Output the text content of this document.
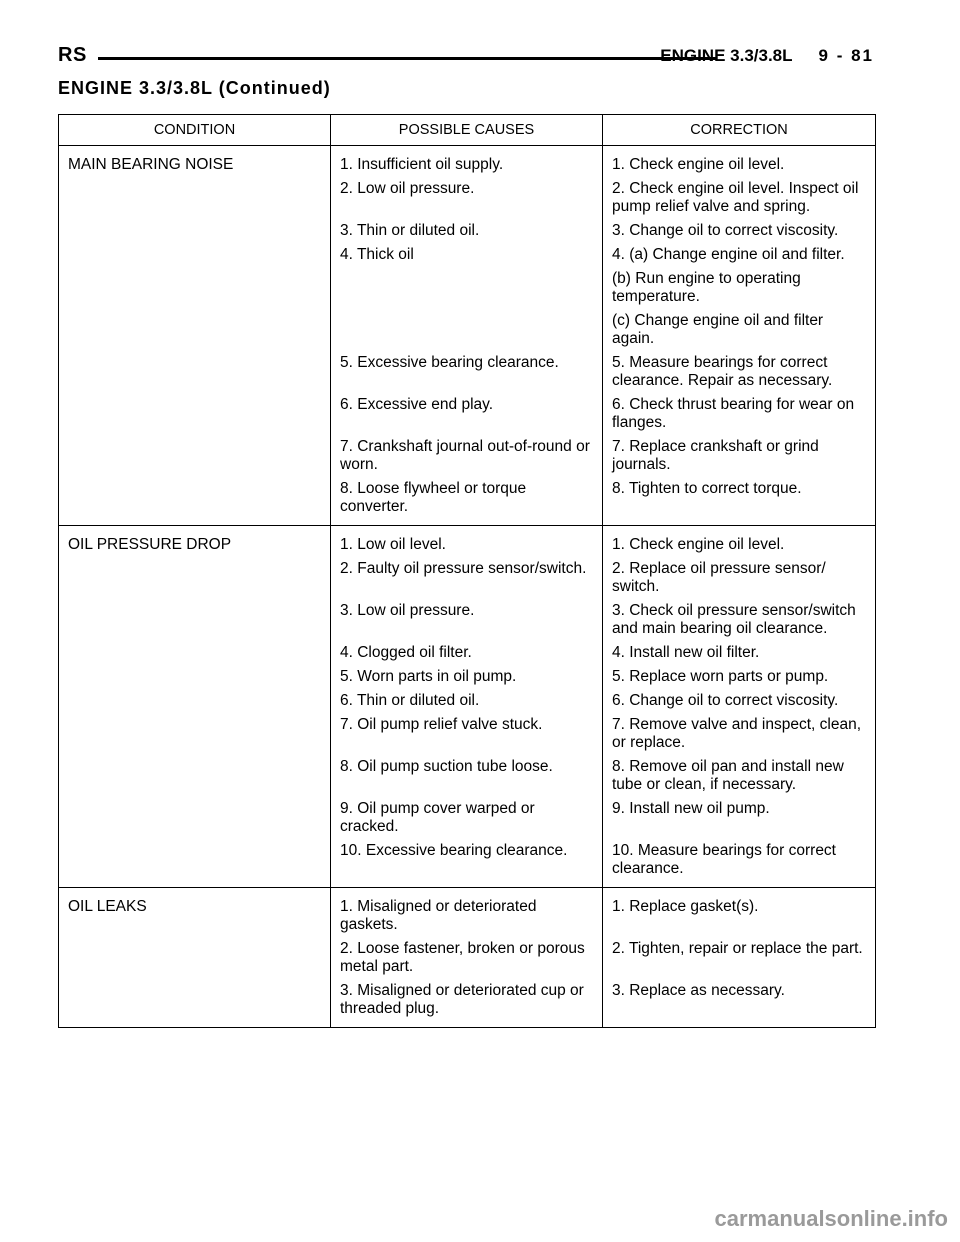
RS	ENGINE 3.3/3.8L 9 - 81
ENGINE 3.3/3.8L (Continued)
CONDITION	POSSIBLE CAUSES	CORRECTION
MAIN BEARING NOISE	1. Insufficient oil supply.	1. Check engine oil level.
	2. Low oil pressure.	2. Check engine oil level. Inspect oil pump relief valve and spring.
	3. Thin or diluted oil.	3. Change oil to correct viscosity.
	4. Thick oil	4. (a) Change engine oil and filter.
		(b) Run engine to operating temperature.
		(c) Change engine oil and filter again.
	5. Excessive bearing clearance.	5. Measure bearings for correct clearance. Repair as necessary.
	6. Excessive end play.	6. Check thrust bearing for wear on flanges.
	7. Crankshaft journal out-of-round or worn.	7. Replace crankshaft or grind journals.
	8. Loose flywheel or torque converter.	8. Tighten to correct torque.
OIL PRESSURE DROP	1. Low oil level.	1. Check engine oil level.
	2. Faulty oil pressure sensor/switch.	2. Replace oil pressure sensor/ switch.
	3. Low oil pressure.	3. Check oil pressure sensor/switch and main bearing oil clearance.
	4. Clogged oil filter.	4. Install new oil filter.
	5. Worn parts in oil pump.	5. Replace worn parts or pump.
	6. Thin or diluted oil.	6. Change oil to correct viscosity.
	7. Oil pump relief valve stuck.	7. Remove valve and inspect, clean, or replace.
	8. Oil pump suction tube loose.	8. Remove oil pan and install new tube or clean, if necessary.
	9. Oil pump cover warped or cracked.	9. Install new oil pump.
	10. Excessive bearing clearance.	10. Measure bearings for correct clearance.
OIL LEAKS	1. Misaligned or deteriorated gaskets.	1. Replace gasket(s).
	2. Loose fastener, broken or porous metal part.	2. Tighten, repair or replace the part.
	3. Misaligned or deteriorated cup or threaded plug.	3. Replace as necessary.
carmanualsonline.info
